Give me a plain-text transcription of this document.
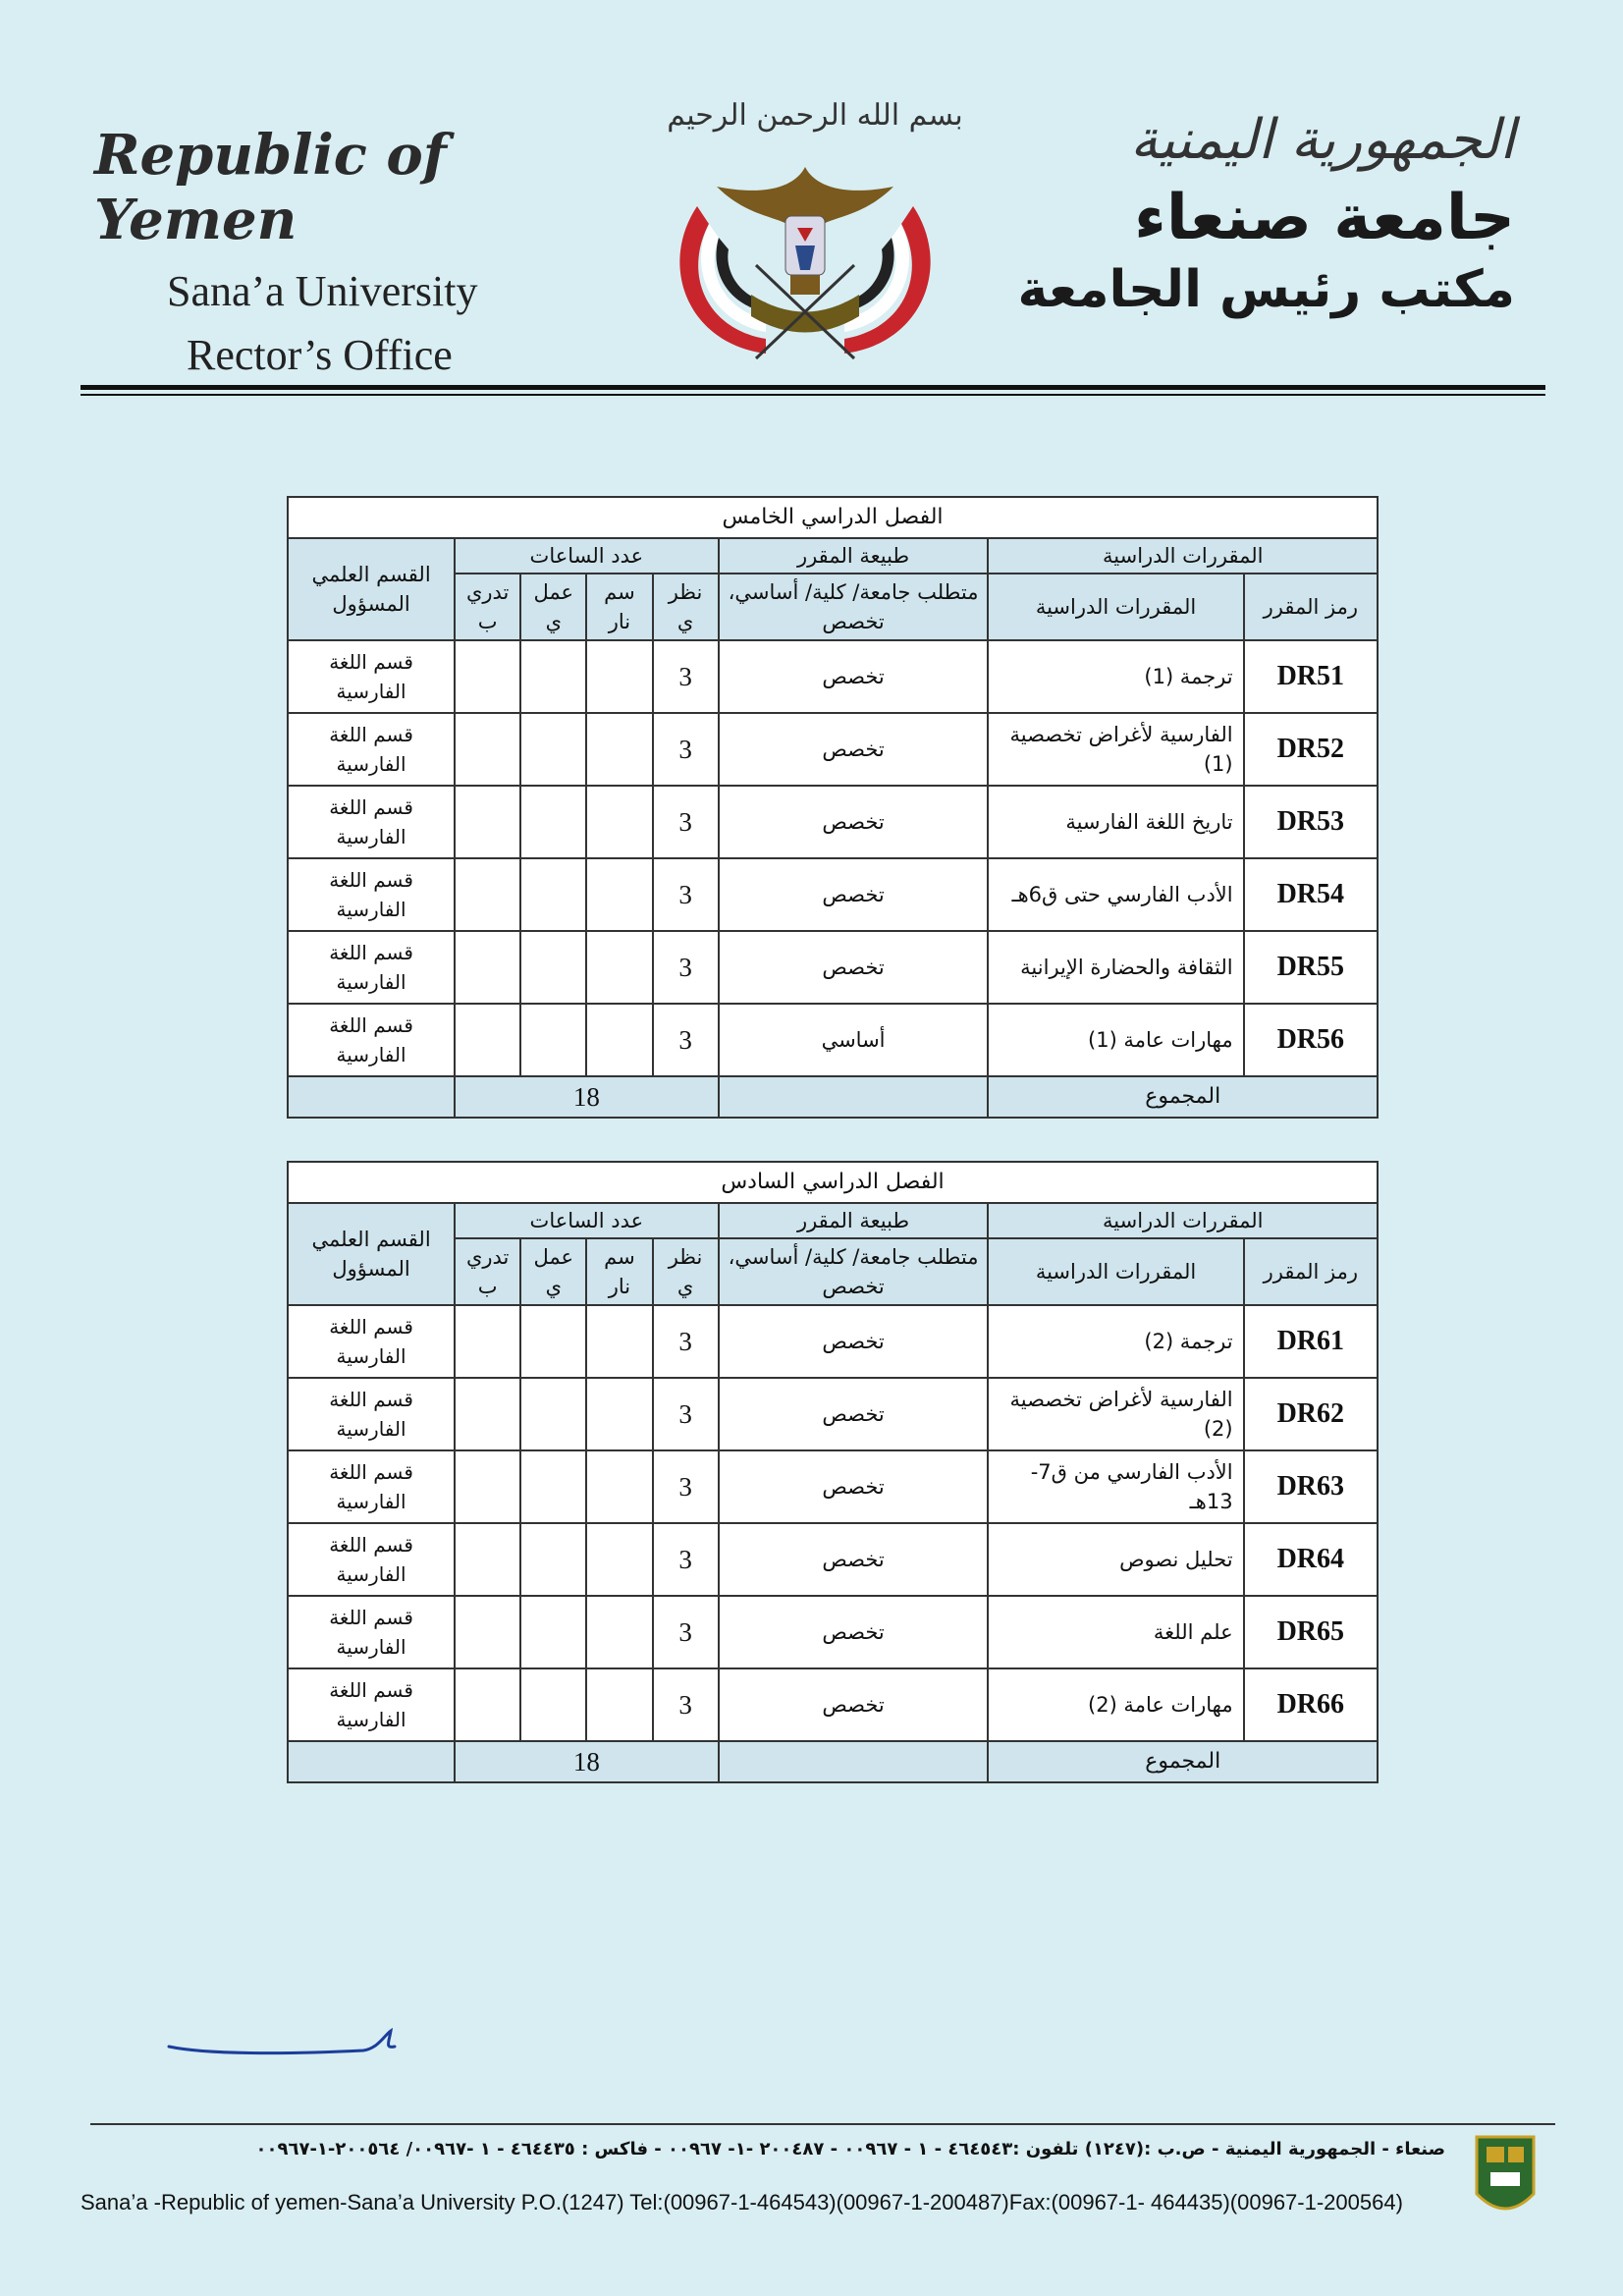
Republic of Yemen
Sana’a University
Rector’s Office
بسم الله الرحمن الرحيم	الجمهورية اليمنية
جامعة صنعاء
مكتب رئيس الجامعة
الفصل الدراسي الخامس							
المقررات الدراسية		طبيعة المقرر	عدد الساعات				القسم العلمي المسؤول
رمز المقرر	المقررات الدراسية	متطلب جامعة/ كلية/ أساسي، تخصص	نظر ي	سم نار	عمل ي	تدري ب	
DR51	ترجمة (1)	تخصص	3				قسم اللغة الفارسية
DR52	الفارسية لأغراض تخصصية (1)	تخصص	3				قسم اللغة الفارسية
DR53	تاريخ اللغة الفارسية	تخصص	3				قسم اللغة الفارسية
DR54	الأدب الفارسي حتى ق6هـ	تخصص	3				قسم اللغة الفارسية
DR55	الثقافة والحضارة الإيرانية	تخصص	3				قسم اللغة الفارسية
DR56	مهارات عامة (1)	أساسي	3				قسم اللغة الفارسية
المجموع			18				
الفصل الدراسي السادس							
المقررات الدراسية		طبيعة المقرر	عدد الساعات				القسم العلمي المسؤول
رمز المقرر	المقررات الدراسية	متطلب جامعة/ كلية/ أساسي، تخصص	نظر ي	سم نار	عمل ي	تدري ب	
DR61	ترجمة (2)	تخصص	3				قسم اللغة الفارسية
DR62	الفارسية لأغراض تخصصية (2)	تخصص	3				قسم اللغة الفارسية
DR63	الأدب الفارسي من ق7-13هـ	تخصص	3				قسم اللغة الفارسية
DR64	تحليل نصوص	تخصص	3				قسم اللغة الفارسية
DR65	علم اللغة	تخصص	3				قسم اللغة الفارسية
DR66	مهارات عامة (2)	تخصص	3				قسم اللغة الفارسية
المجموع			18				
صنعاء - الجمهورية اليمنية - ص.ب :(١٢٤٧) تلفون :٤٦٤٥٤٣ - ١ - ٠٠٩٦٧ - ٢٠٠٤٨٧ -١- ٠٠٩٦٧ - فاكس : ٤٦٤٤٣٥ - ١ -٠٠٩٦٧/ ٢٠٠٥٦٤-١-٠٠٩٦٧
Sana’a -Republic of yemen-Sana’a University P.O.(1247) Tel:(00967-1-464543)(00967-1-200487)Fax:(00967-1- 464435)(00967-1-200564)
